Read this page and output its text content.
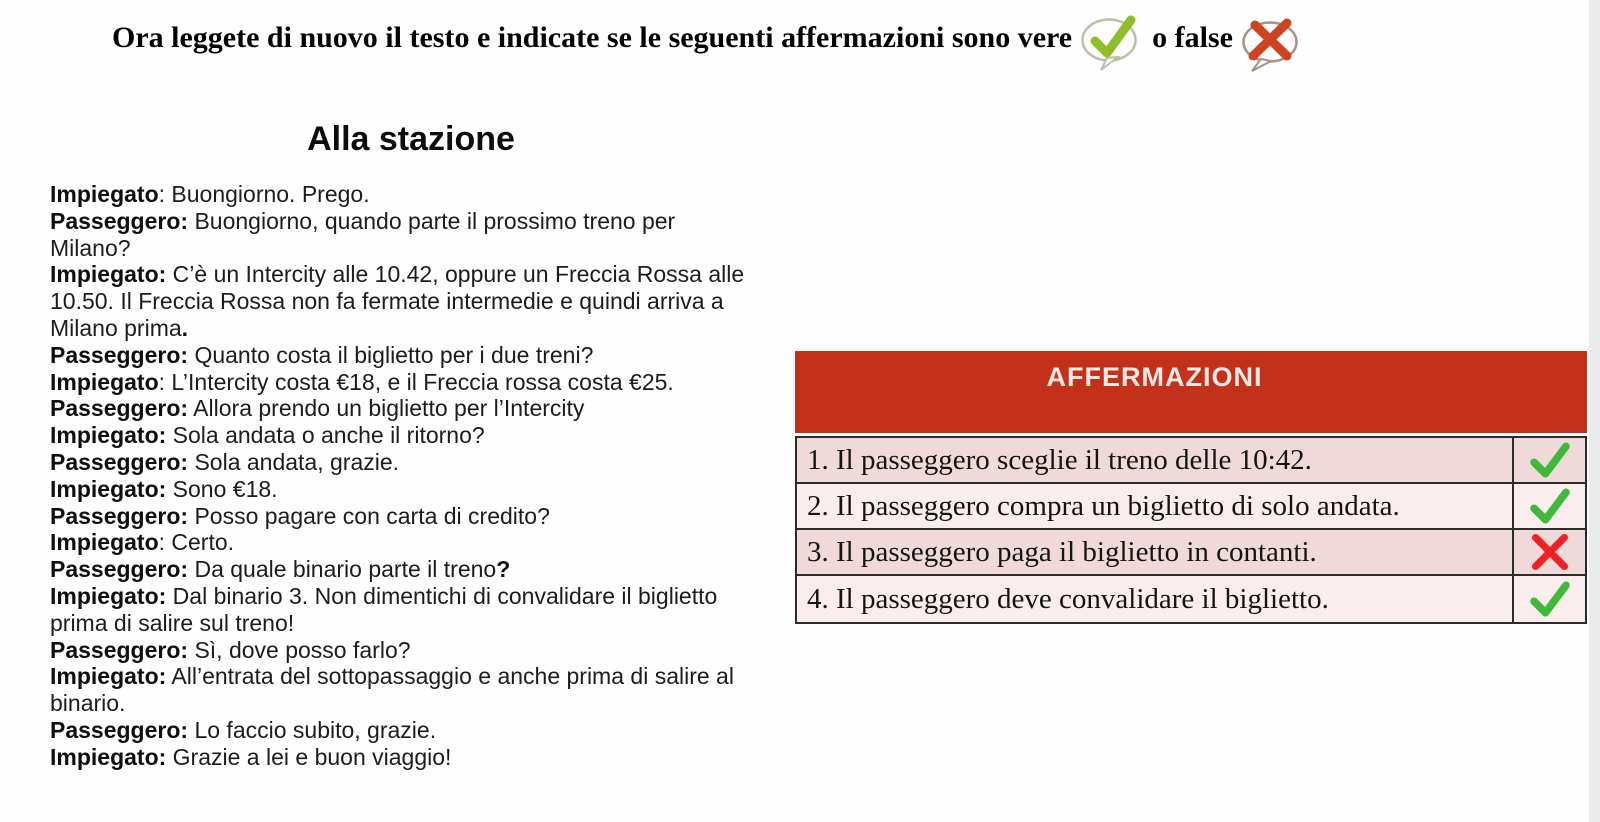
Ora leggete di nuovo il testo e indicate se le seguenti affermazioni sono vere	o false
Alla stazione

Impiegato: Buongiorno. Prego.

Passeggero: Buongiorno, quando parte il prossimo treno per Milano?

Impiegato: C’è un Intercity alle 10.42, oppure un Freccia Rossa alle 10.50. Il Freccia Rossa non fa fermate intermedie e quindi arriva a Milano prima.

Passeggero: Quanto costa il biglietto per i due treni?

Impiegato: L’Intercity costa €18, e il Freccia rossa costa €25.

Passeggero: Allora prendo un biglietto per l’Intercity

Impiegato: Sola andata o anche il ritorno?

Passeggero: Sola andata, grazie.

Impiegato: Sono €18.

Passeggero: Posso pagare con carta di credito?

Impiegato: Certo.

Passeggero: Da quale binario parte il treno?

Impiegato: Dal binario 3. Non dimentichi di convalidare il biglietto prima di salire sul treno!

Passeggero: Sì, dove posso farlo?

Impiegato: All’entrata del sottopassaggio e anche prima di salire al binario.

Passeggero: Lo faccio subito, grazie.

Impiegato: Grazie a lei e buon viaggio!

AFFERMAZIONI
1. Il passeggero sceglie il treno delle 10:42.
2. Il passeggero compra un biglietto di solo andata.
3. Il passeggero paga il biglietto in contanti.
4. Il passeggero deve convalidare il biglietto.
